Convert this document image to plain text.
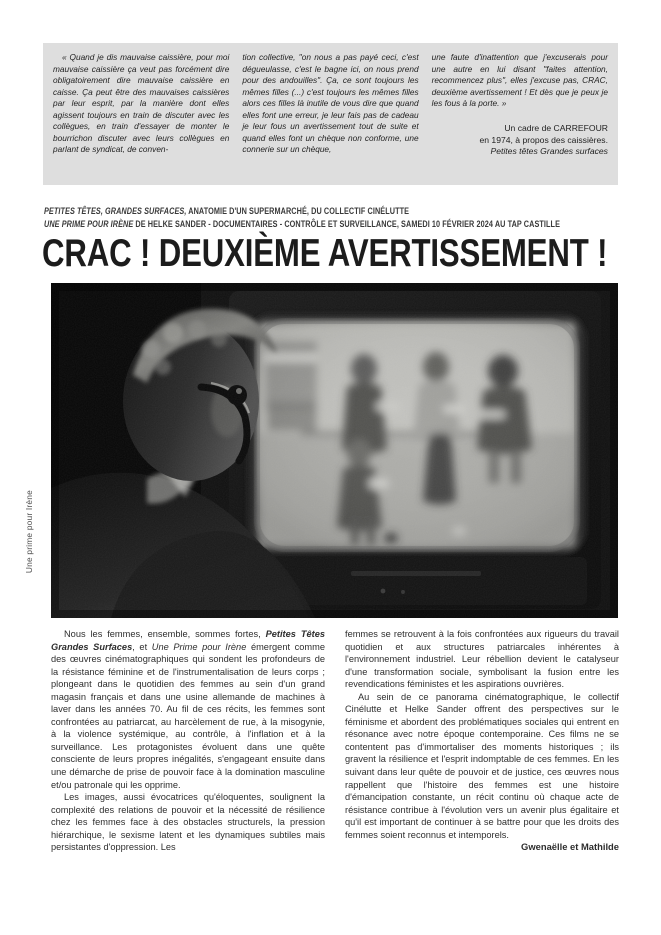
« Quand je dis mauvaise caissière, pour moi mauvaise caissière ça veut pas forcément dire obligatoirement dire mauvaise caissière en caisse. Ça peut être des mauvaises caissières par leur esprit, par la manière dont elles agissent toujours en train de discuter avec les collègues, en train d'essayer de monter le bourrichon discuter avec leurs collègues en parlant de syndicat, de conven-
tion collective, "on nous a pas payé ceci, c'est dégueulasse, c'est le bagne ici, on nous prend pour des andouilles". Ça, ce sont toujours les mêmes filles (...) c'est toujours les mêmes filles alors ces filles là inutile de vous dire que quand elles font une erreur, je leur fais pas de cadeau je leur fous un avertissement tout de suite et quand elles font un chèque non conforme, une connerie sur un chèque,
une faute d'inattention que j'excuserais pour une autre en lui disant "faites attention, recommencez plus", elles j'excuse pas, CRAC, deuxième avertissement ! Et dès que je peux je les fous à la porte. »
Un cadre de CARREFOUR
en 1974, à propos des caissières.
Petites têtes Grandes surfaces
PETITES TÊTES, GRANDES SURFACES, ANATOMIE D'UN SUPERMARCHÉ, DU COLLECTIF CINÉLUTTE
UNE PRIME POUR IRÈNE DE HELKE SANDER - DOCUMENTAIRES - CONTRÔLE ET SURVEILLANCE, SAMEDI 10 FÉVRIER 2024 AU TAP CASTILLE
CRAC ! DEUXIÈME AVERTISSEMENT !
Une prime pour Irène

Nous les femmes, ensemble, sommes fortes, Petites Têtes Grandes Surfaces, et Une Prime pour Irène émergent comme des œuvres cinématographiques qui sondent les profondeurs de la résistance féminine et de l'instrumentalisation de leurs corps ; plongeant dans le quotidien des femmes au sein d'un grand magasin français et dans une usine allemande de machines à laver dans les années 70. Au fil de ces récits, les femmes sont confrontées au patriarcat, au harcèlement de rue, à la misogynie, à la violence systémique, au contrôle, à l'inflation et à la surveillance. Les protagonistes évoluent dans une quête consciente de leurs propres inégalités, s'engageant ensuite dans une démarche de prise de pouvoir face à la domination masculine et/ou patronale qui les opprime.

Les images, aussi évocatrices qu'éloquentes, soulignent la complexité des relations de pouvoir et la nécessité de résilience chez les femmes face à des obstacles structurels, la pression hiérarchique, le sexisme latent et les dynamiques subtiles mais persistantes d'oppression. Les

femmes se retrouvent à la fois confrontées aux rigueurs du travail quotidien et aux structures patriarcales inhérentes à l'environnement industriel. Leur rébellion devient le catalyseur d'une transformation sociale, symbolisant la fusion entre les revendications féministes et les aspirations ouvrières.

Au sein de ce panorama cinématographique, le collectif Cinélutte et Helke Sander offrent des perspectives sur le féminisme et abordent des problématiques sociales qui entrent en résonance avec notre époque contemporaine. Ces films ne se contentent pas d'immortaliser des moments historiques ; ils gravent la résilience et l'esprit indomptable de ces femmes. En les suivant dans leur quête de pouvoir et de justice, ces œuvres nous rappellent que l'histoire des femmes est une histoire d'émancipation constante, un récit continu où chaque acte de résistance contribue à l'évolution vers un avenir plus égalitaire et qu'il est important de continuer à se battre pour que les droits des femmes soient reconnus et intemporels.

Gwenaëlle et Mathilde
